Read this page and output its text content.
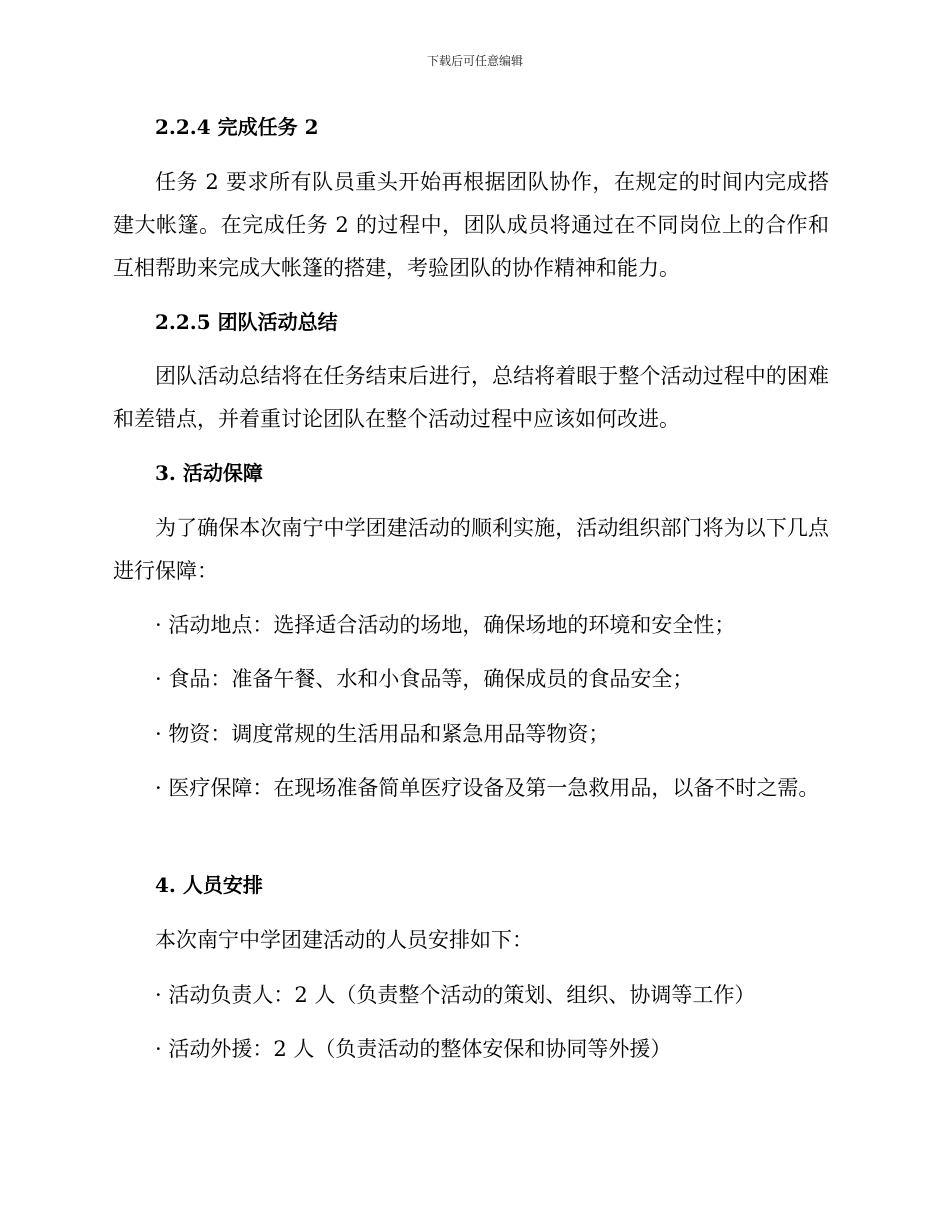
下载后可任意编辑
2.2.4 完成任务 2

任务 2 要求所有队员重头开始再根据团队协作，在规定的时间内完成搭建大帐篷。在完成任务 2 的过程中，团队成员将通过在不同岗位上的合作和互相帮助来完成大帐篷的搭建，考验团队的协作精神和能力。

2.2.5 团队活动总结

团队活动总结将在任务结束后进行，总结将着眼于整个活动过程中的困难和差错点，并着重讨论团队在整个活动过程中应该如何改进。

3. 活动保障

为了确保本次南宁中学团建活动的顺利实施，活动组织部门将为以下几点进行保障：

· 活动地点：选择适合活动的场地，确保场地的环境和安全性；
· 食品：准备午餐、水和小食品等，确保成员的食品安全；
· 物资：调度常规的生活用品和紧急用品等物资；
· 医疗保障：在现场准备简单医疗设备及第一急救用品，以备不时之需。
4. 人员安排

本次南宁中学团建活动的人员安排如下：

· 活动负责人：2 人（负责整个活动的策划、组织、协调等工作）
· 活动外援：2 人（负责活动的整体安保和协同等外援）
